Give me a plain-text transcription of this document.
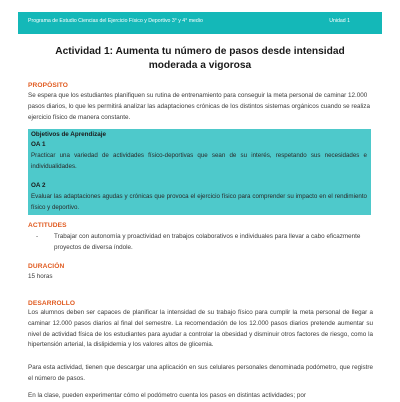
Programa de Estudio Ciencias del Ejercicio Físico y Deportivo 3° y 4° medio	Unidad 1
Actividad 1: Aumenta tu número de pasos desde intensidad moderada a vigorosa
PROPÓSITO
Se espera que los estudiantes planifiquen su rutina de entrenamiento para conseguir la meta personal de caminar 12.000 pasos diarios, lo que les permitirá analizar las adaptaciones crónicas de los distintos sistemas orgánicos cuando se realiza ejercicio físico de manera constante.
Objetivos de Aprendizaje
OA 1
Practicar una variedad de actividades físico-deportivas que sean de su interés, respetando sus necesidades e individualidades.
OA 2
Evaluar las adaptaciones agudas y crónicas que provoca el ejercicio físico para comprender su impacto en el rendimiento físico y deportivo.
ACTITUDES
-	Trabajar con autonomía y proactividad en trabajos colaborativos e individuales para llevar a cabo eficazmente proyectos de diversa índole.
DURACIÓN
15 horas
DESARROLLO
Los alumnos deben ser capaces de planificar la intensidad de su trabajo físico para cumplir la meta personal de llegar a caminar 12.000 pasos diarios al final del semestre. La recomendación de los 12.000 pasos diarios pretende aumentar su nivel de actividad física de los estudiantes para ayudar a controlar la obesidad y disminuir otros factores de riesgo, como la hipertensión arterial, la dislipidemia y los valores altos de glicemia.
Para esta actividad, tienen que descargar una aplicación en sus celulares personales denominada podómetro, que registre el número de pasos.
En la clase, pueden experimentar cómo el podómetro cuenta los pasos en distintas actividades; por
